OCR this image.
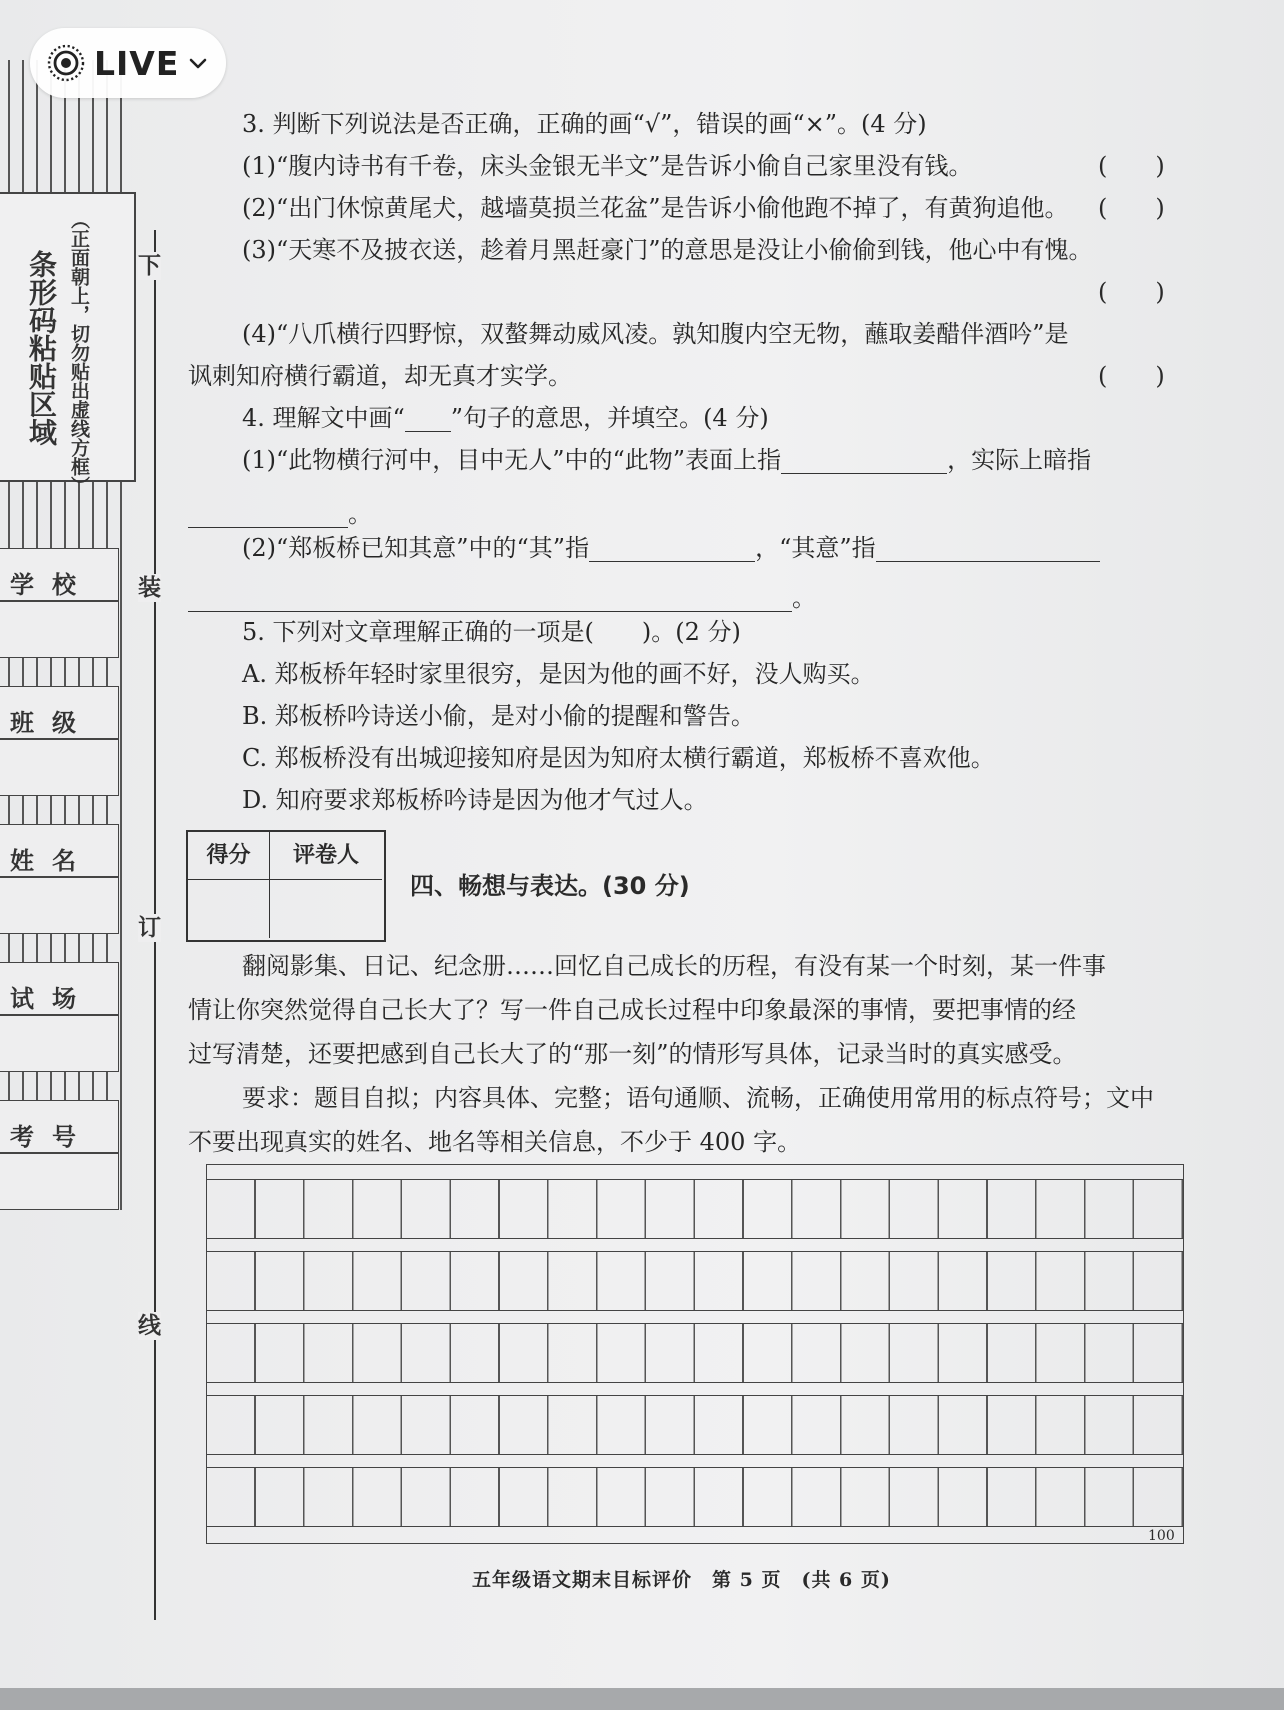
条形码粘贴区域 （正面朝上，切勿贴出虚线方框）
学校
班级
姓名
试场
考号
下
装
订
线
LIVE
3. 判断下列说法是否正确，正确的画“√”，错误的画“×”。(4 分)
(1)“腹内诗书有千卷，床头金银无半文”是告诉小偷自己家里没有钱。	(　　)
(2)“出门休惊黄尾犬，越墙莫损兰花盆”是告诉小偷他跑不掉了，有黄狗追他。 (　　)
(3)“天寒不及披衣送，趁着月黑赶豪门”的意思是没让小偷偷到钱，他心中有愧。
(　　)
(4)“八爪横行四野惊，双螯舞动威风凌。孰知腹内空无物，蘸取姜醋伴酒吟”是
讽刺知府横行霸道，却无真才实学。	(　　)
4. 理解文中画“ ”句子的意思，并填空。(4 分)
(1)“此物横行河中，目中无人”中的“此物”表面上指	，实际上暗指
。
(2)“郑板桥已知其意”中的“其”指	，“其意”指
。
5. 下列对文章理解正确的一项是(　　)。(2 分)
A. 郑板桥年轻时家里很穷，是因为他的画不好，没人购买。
B. 郑板桥吟诗送小偷，是对小偷的提醒和警告。
C. 郑板桥没有出城迎接知府是因为知府太横行霸道，郑板桥不喜欢他。
D. 知府要求郑板桥吟诗是因为他才气过人。
得分	评卷人
四、畅想与表达。(30 分)
翻阅影集、日记、纪念册……回忆自己成长的历程，有没有某一个时刻，某一件事
情让你突然觉得自己长大了？写一件自己成长过程中印象最深的事情，要把事情的经
过写清楚，还要把感到自己长大了的“那一刻”的情形写具体，记录当时的真实感受。
要求：题目自拟；内容具体、完整；语句通顺、流畅，正确使用常用的标点符号；文中
不要出现真实的姓名、地名等相关信息，不少于 400 字。
100
五年级语文期末目标评价　第 5 页　(共 6 页)
